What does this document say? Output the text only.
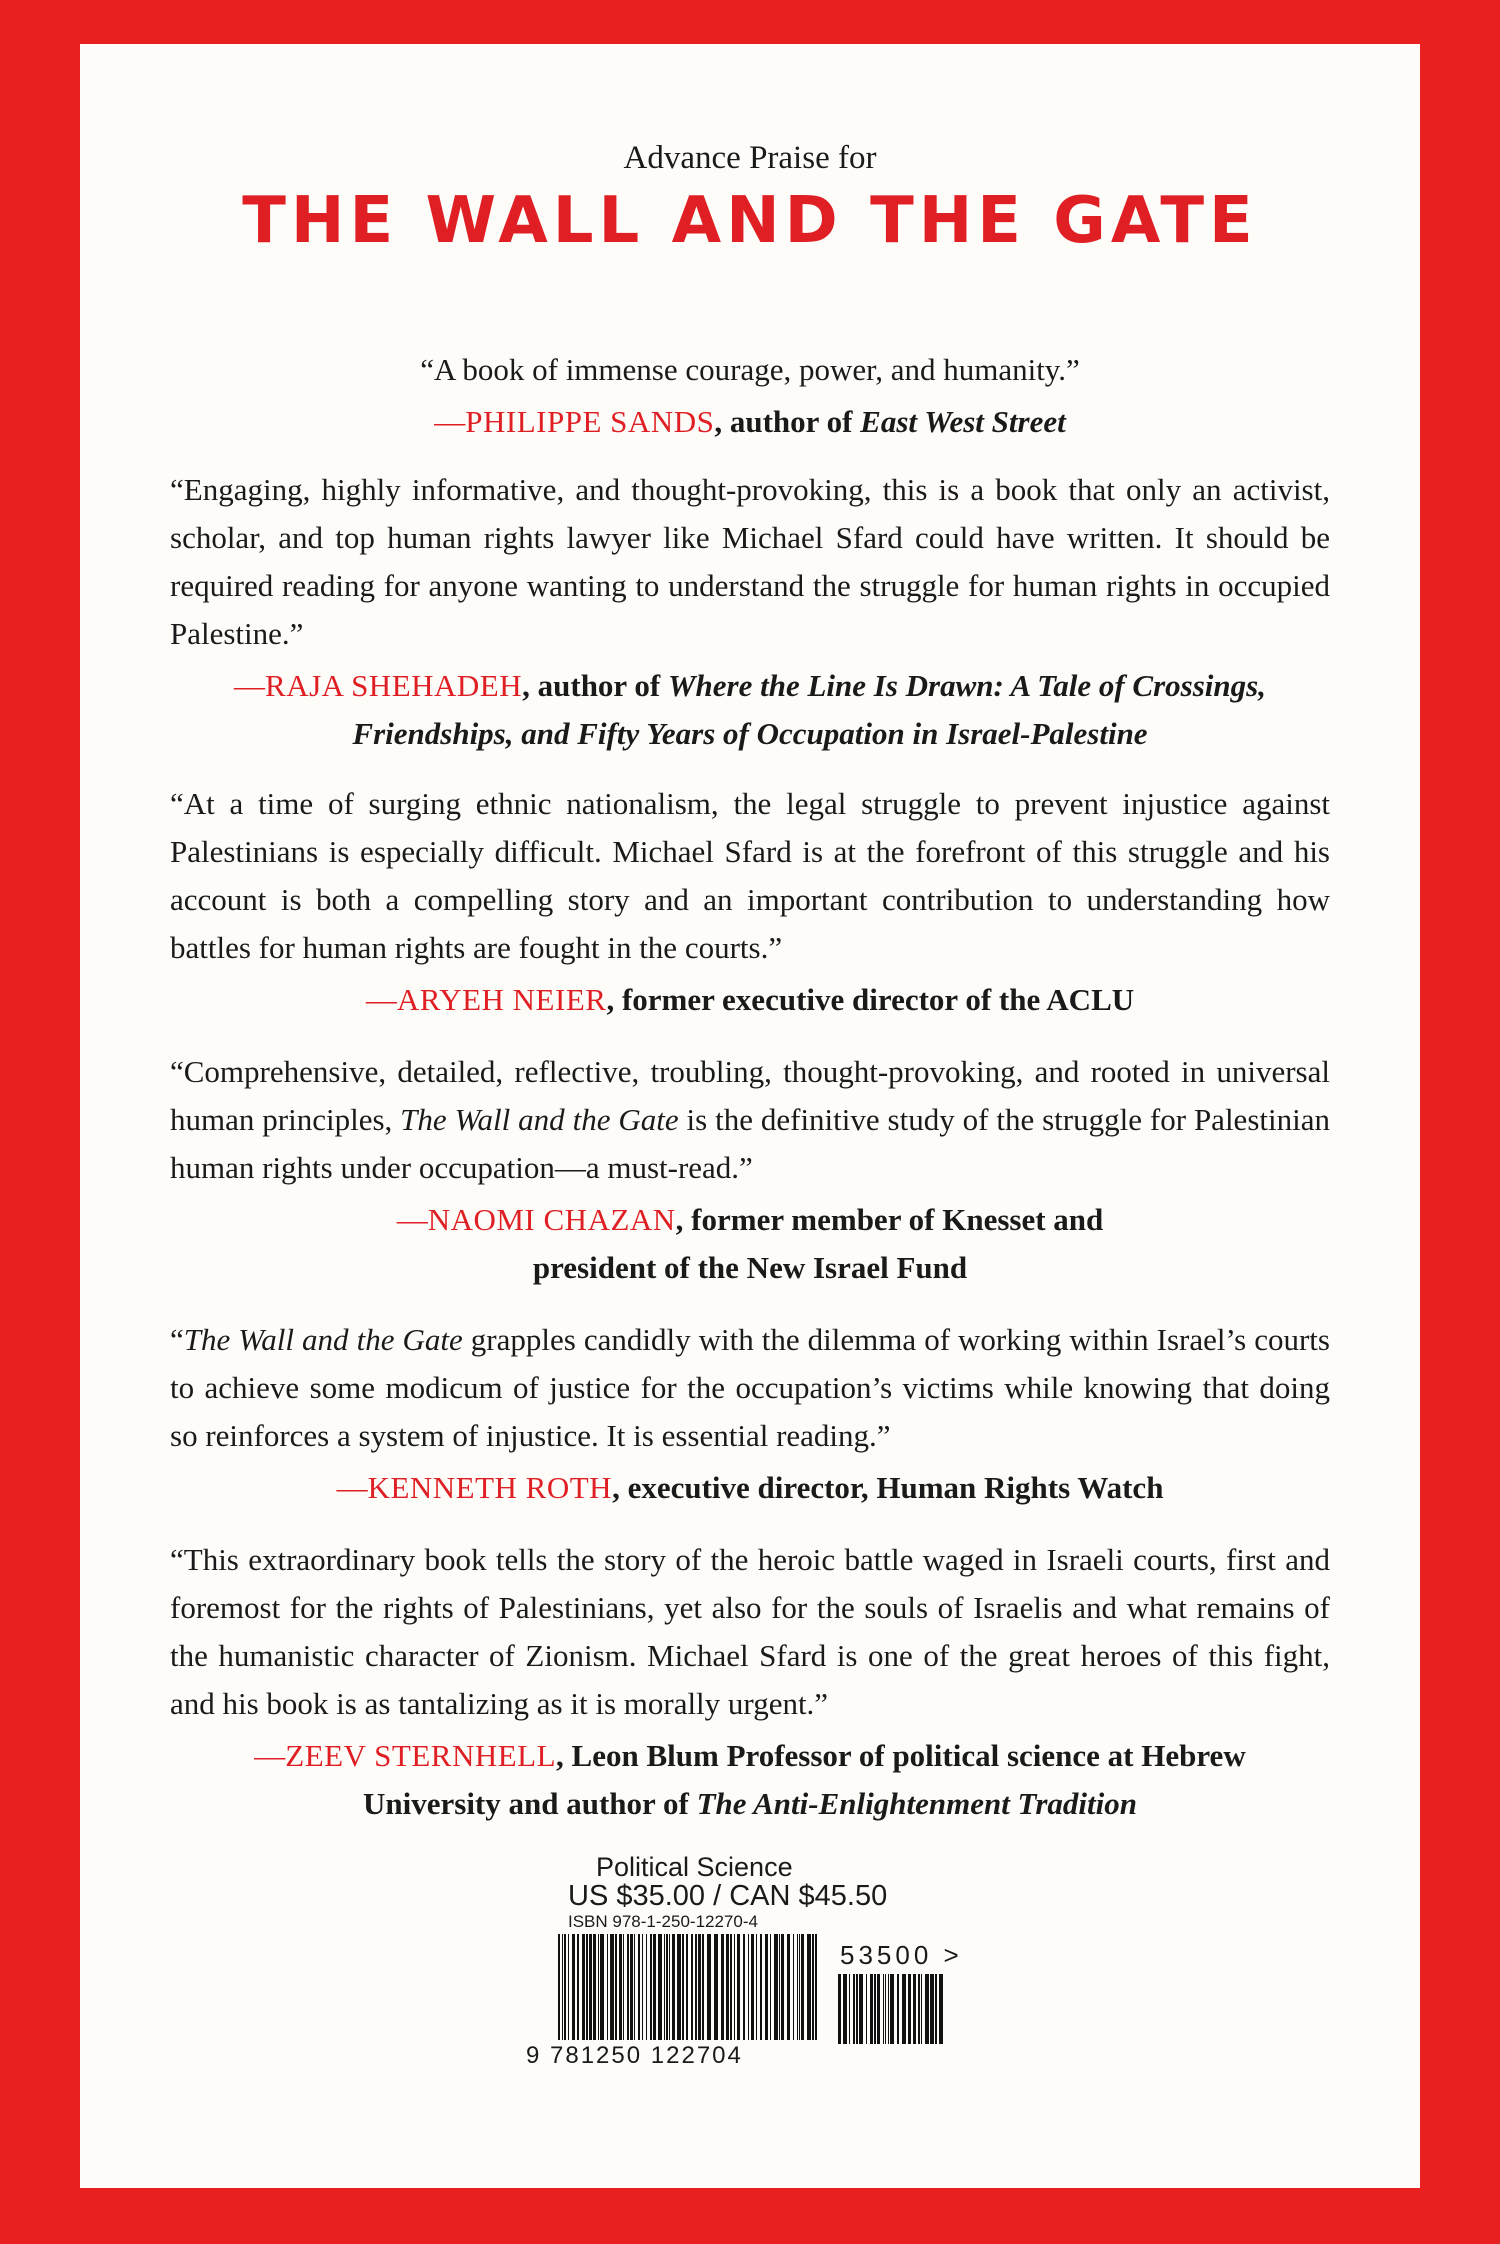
Advance Praise for
THE WALL AND THE GATE
“A book of immense courage, power, and humanity.”
—PHILIPPE SANDS, author of East West Street
“Engaging, highly informative, and thought-provoking, this is a book that only an activist, scholar, and top human rights lawyer like Michael Sfard could have written. It should be required reading for anyone wanting to understand the struggle for human rights in occupied Palestine.”
—RAJA SHEHADEH, author of Where the Line Is Drawn: A Tale of Crossings, Friendships, and Fifty Years of Occupation in Israel-Palestine
“At a time of surging ethnic nationalism, the legal struggle to prevent injustice against Palestinians is especially difficult. Michael Sfard is at the forefront of this struggle and his account is both a compelling story and an important contribution to understanding how battles for human rights are fought in the courts.”
—ARYEH NEIER, former executive director of the ACLU
“Comprehensive, detailed, reflective, troubling, thought-provoking, and rooted in universal human principles, The Wall and the Gate is the definitive study of the struggle for Palestinian human rights under occupation—a must-read.”
—NAOMI CHAZAN, former member of Knesset and president of the New Israel Fund
“The Wall and the Gate grapples candidly with the dilemma of working within Israel’s courts to achieve some modicum of justice for the occupation’s victims while knowing that doing so reinforces a system of injustice. It is essential reading.”
—KENNETH ROTH, executive director, Human Rights Watch
“This extraordinary book tells the story of the heroic battle waged in Israeli courts, first and foremost for the rights of Palestinians, yet also for the souls of Israelis and what remains of the humanistic character of Zionism. Michael Sfard is one of the great heroes of this fight, and his book is as tantalizing as it is morally urgent.”
—ZEEV STERNHELL, Leon Blum Professor of political science at Hebrew University and author of The Anti-Enlightenment Tradition
Political Science
US $35.00 / CAN $45.50
ISBN 978-1-250-12270-4
53500 >
9 781250 122704
